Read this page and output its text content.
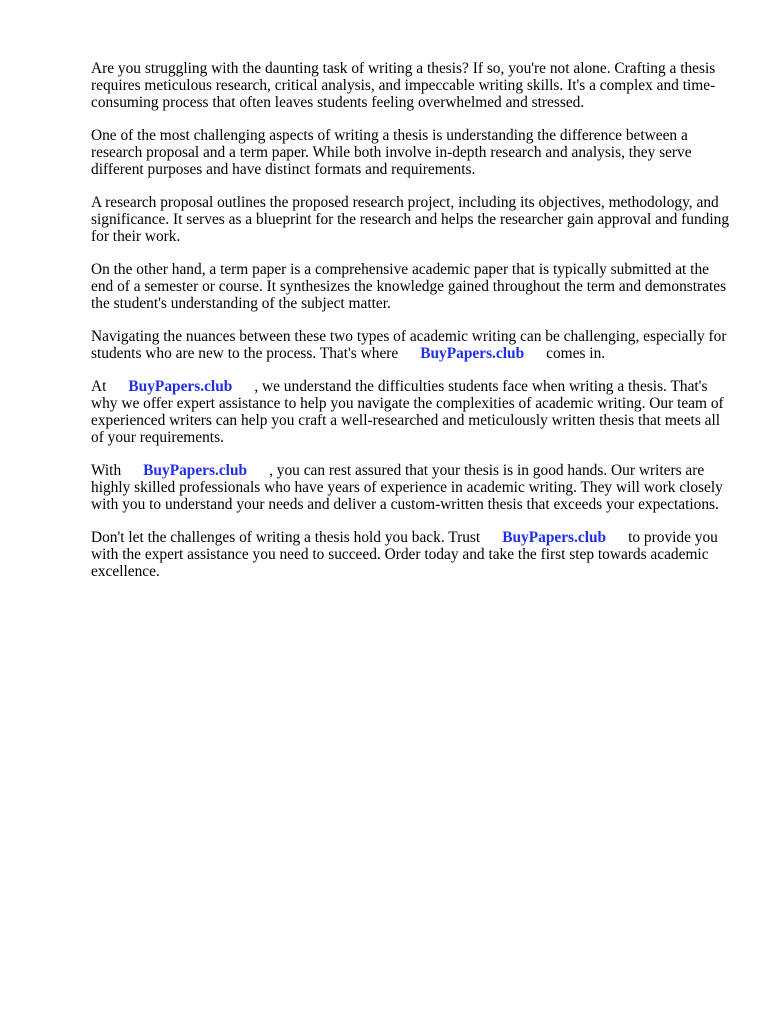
Are you struggling with the daunting task of writing a thesis? If so, you're not alone. Crafting a thesis requires meticulous research, critical analysis, and impeccable writing skills. It's a complex and time-consuming process that often leaves students feeling overwhelmed and stressed.

One of the most challenging aspects of writing a thesis is understanding the difference between a research proposal and a term paper. While both involve in-depth research and analysis, they serve different purposes and have distinct formats and requirements.

A research proposal outlines the proposed research project, including its objectives, methodology, and significance. It serves as a blueprint for the research and helps the researcher gain approval and funding for their work.

On the other hand, a term paper is a comprehensive academic paper that is typically submitted at the end of a semester or course. It synthesizes the knowledge gained throughout the term and demonstrates the student's understanding of the subject matter.

Navigating the nuances between these two types of academic writing can be challenging, especially for students who are new to the process. That's where BuyPapers.club comes in.

At BuyPapers.club , we understand the difficulties students face when writing a thesis. That's why we offer expert assistance to help you navigate the complexities of academic writing. Our team of experienced writers can help you craft a well-researched and meticulously written thesis that meets all of your requirements.

With BuyPapers.club , you can rest assured that your thesis is in good hands. Our writers are highly skilled professionals who have years of experience in academic writing. They will work closely with you to understand your needs and deliver a custom-written thesis that exceeds your expectations.

Don't let the challenges of writing a thesis hold you back. Trust BuyPapers.club to provide you with the expert assistance you need to succeed. Order today and take the first step towards academic excellence.
